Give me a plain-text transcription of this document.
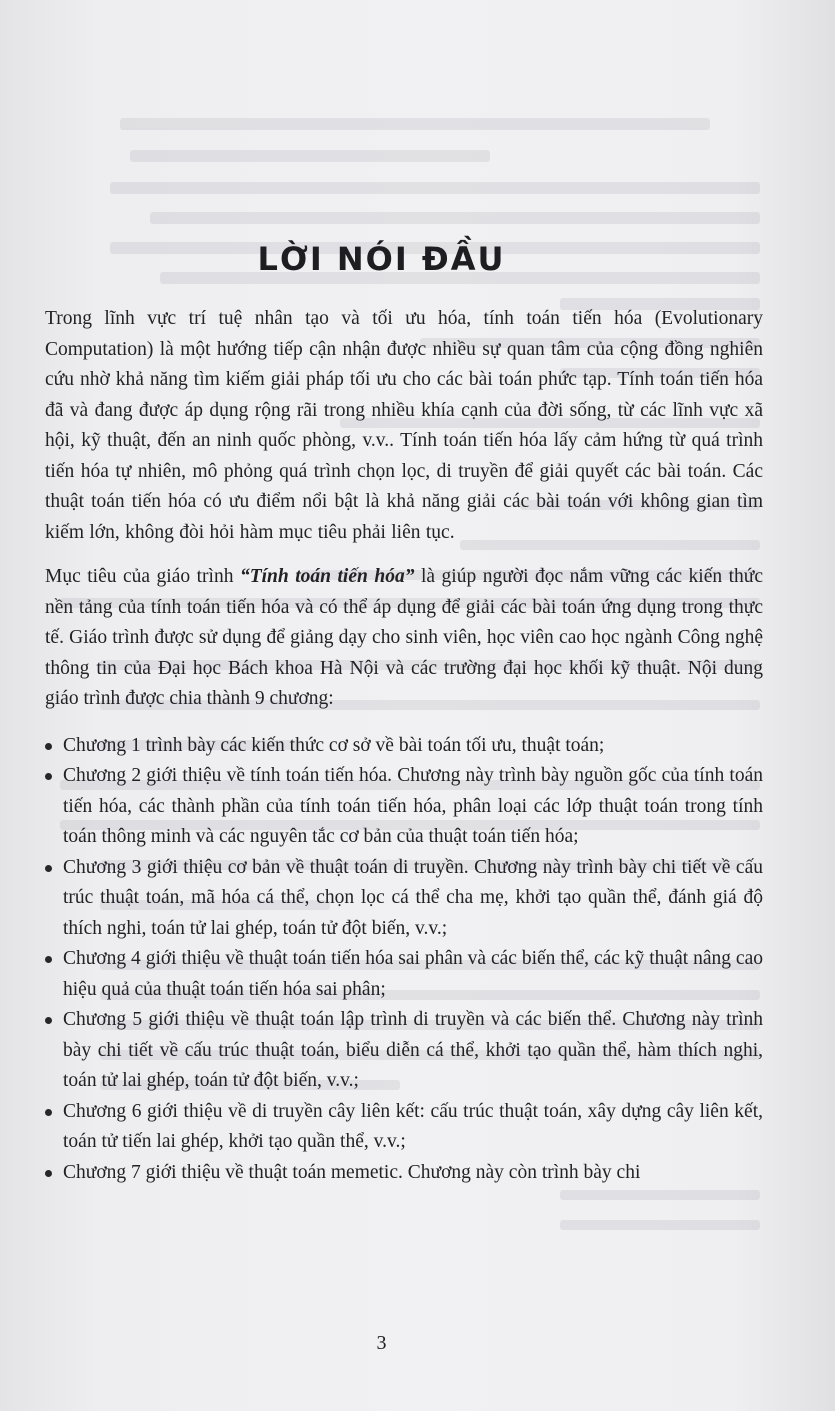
LỜI NÓI ĐẦU

Trong lĩnh vực trí tuệ nhân tạo và tối ưu hóa, tính toán tiến hóa (Evolutionary Computation) là một hướng tiếp cận nhận được nhiều sự quan tâm của cộng đồng nghiên cứu nhờ khả năng tìm kiếm giải pháp tối ưu cho các bài toán phức tạp. Tính toán tiến hóa đã và đang được áp dụng rộng rãi trong nhiều khía cạnh của đời sống, từ các lĩnh vực xã hội, kỹ thuật, đến an ninh quốc phòng, v.v.. Tính toán tiến hóa lấy cảm hứng từ quá trình tiến hóa tự nhiên, mô phỏng quá trình chọn lọc, di truyền để giải quyết các bài toán. Các thuật toán tiến hóa có ưu điểm nổi bật là khả năng giải các bài toán với không gian tìm kiếm lớn, không đòi hỏi hàm mục tiêu phải liên tục.

Mục tiêu của giáo trình “Tính toán tiến hóa” là giúp người đọc nắm vững các kiến thức nền tảng của tính toán tiến hóa và có thể áp dụng để giải các bài toán ứng dụng trong thực tế. Giáo trình được sử dụng để giảng dạy cho sinh viên, học viên cao học ngành Công nghệ thông tin của Đại học Bách khoa Hà Nội và các trường đại học khối kỹ thuật. Nội dung giáo trình được chia thành 9 chương:

Chương 1 trình bày các kiến thức cơ sở về bài toán tối ưu, thuật toán;
Chương 2 giới thiệu về tính toán tiến hóa. Chương này trình bày nguồn gốc của tính toán tiến hóa, các thành phần của tính toán tiến hóa, phân loại các lớp thuật toán trong tính toán thông minh và các nguyên tắc cơ bản của thuật toán tiến hóa;
Chương 3 giới thiệu cơ bản về thuật toán di truyền. Chương này trình bày chi tiết về cấu trúc thuật toán, mã hóa cá thể, chọn lọc cá thể cha mẹ, khởi tạo quần thể, đánh giá độ thích nghi, toán tử lai ghép, toán tử đột biến, v.v.;
Chương 4 giới thiệu về thuật toán tiến hóa sai phân và các biến thể, các kỹ thuật nâng cao hiệu quả của thuật toán tiến hóa sai phân;
Chương 5 giới thiệu về thuật toán lập trình di truyền và các biến thể. Chương này trình bày chi tiết về cấu trúc thuật toán, biểu diễn cá thể, khởi tạo quần thể, hàm thích nghi, toán tử lai ghép, toán tử đột biến, v.v.;
Chương 6 giới thiệu về di truyền cây liên kết: cấu trúc thuật toán, xây dựng cây liên kết, toán tử tiến lai ghép, khởi tạo quần thể, v.v.;
Chương 7 giới thiệu về thuật toán memetic. Chương này còn trình bày chi
3
